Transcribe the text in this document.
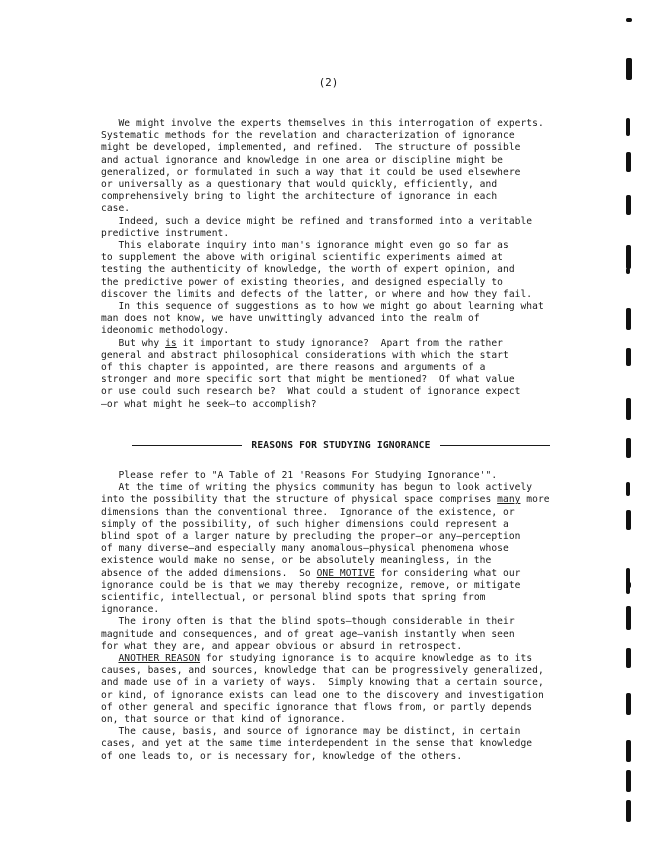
(2)

We might involve the experts themselves in this interrogation of experts.

Systematic methods for the revelation and characterization of ignorance

might be developed, implemented, and refined.  The structure of possible

and actual ignorance and knowledge in one area or discipline might be

generalized, or formulated in such a way that it could be used elsewhere

or universally as a questionary that would quickly, efficiently, and

comprehensively bring to light the architecture of ignorance in each

case.

Indeed, such a device might be refined and transformed into a veritable

predictive instrument.

This elaborate inquiry into man's ignorance might even go so far as

to supplement the above with original scientific experiments aimed at

testing the authenticity of knowledge, the worth of expert opinion, and

the predictive power of existing theories, and designed especially to

discover the limits and defects of the latter, or where and how they fail.

In this sequence of suggestions as to how we might go about learning what

man does not know, we have unwittingly advanced into the realm of

ideonomic methodology.

But why is it important to study ignorance?  Apart from the rather

general and abstract philosophical considerations with which the start

of this chapter is appointed, are there reasons and arguments of a

stronger and more specific sort that might be mentioned?  Of what value

or use could such research be?  What could a student of ignorance expect

—or what might he seek—to accomplish?

REASONS FOR STUDYING IGNORANCE

Please refer to "A Table of 21 'Reasons For Studying Ignorance'".

At the time of writing the physics community has begun to look actively

into the possibility that the structure of physical space comprises many more

dimensions than the conventional three.  Ignorance of the existence, or

simply of the possibility, of such higher dimensions could represent a

blind spot of a larger nature by precluding the proper—or any—perception

of many diverse—and especially many anomalous—physical phenomena whose

existence would make no sense, or be absolutely meaningless, in the

absence of the added dimensions.  So ONE MOTIVE for considering what our

ignorance could be is that we may thereby recognize, remove, or mitigate

scientific, intellectual, or personal blind spots that spring from

ignorance.

The irony often is that the blind spots—though considerable in their

magnitude and consequences, and of great age—vanish instantly when seen

for what they are, and appear obvious or absurd in retrospect.

ANOTHER REASON for studying ignorance is to acquire knowledge as to its

causes, bases, and sources, knowledge that can be progressively generalized,

and made use of in a variety of ways.  Simply knowing that a certain source,

or kind, of ignorance exists can lead one to the discovery and investigation

of other general and specific ignorance that flows from, or partly depends

on, that source or that kind of ignorance.

The cause, basis, and source of ignorance may be distinct, in certain

cases, and yet at the same time interdependent in the sense that knowledge

of one leads to, or is necessary for, knowledge of the others.
